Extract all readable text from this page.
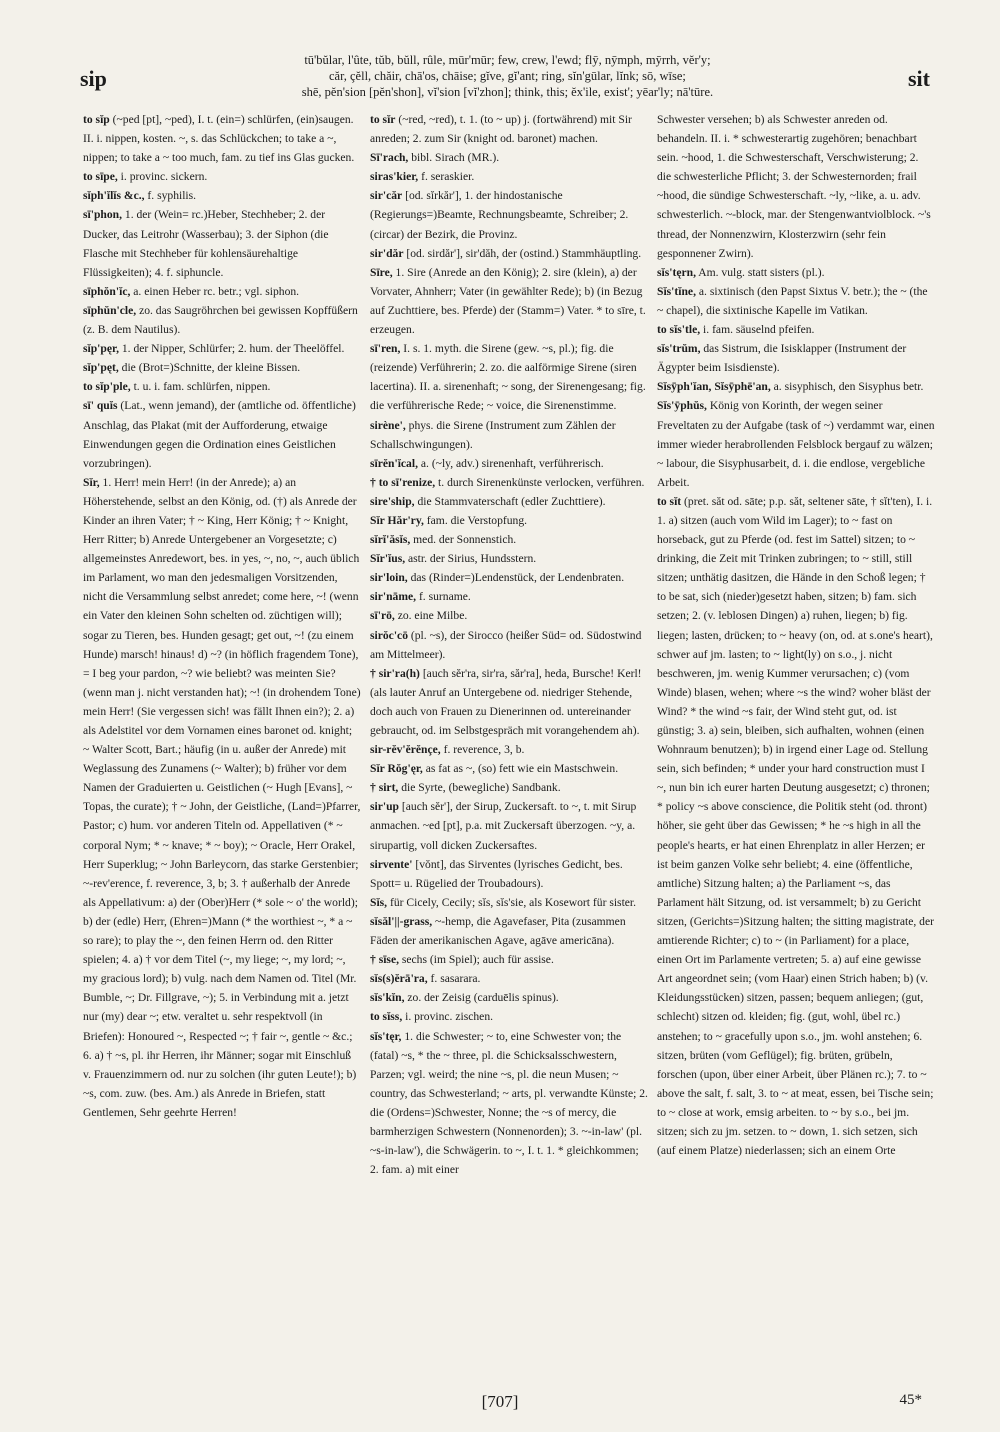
sip
tū'bŭlar, l'ûte, tŭb, bŭll, rûle, mūr'mūr; few, crew, l'ewd; flȳ, nȳmph, mȳrrh, vĕr'y;
căr, çĕll, chăir, chā'os, chāise; gĭve, gĭ'ant; ring, sĭn'gūlar, lĭnk; sō, wīse;
shē, pĕn'sion [pĕn'shon], vĭ'sion [vĭ'zhon]; think, this; ĕx'ile, exist'; yēar'ly; nā'tūre.
sit

to sĭp (~ped [pt], ~ped), I. t. (ein=) schlürfen, (ein)saugen. II. i. nippen, kosten. ~, s. das Schlückchen; to take a ~, nippen; to take a ~ too much, fam. zu tief ins Glas gucken.

to sīpe, i. provinc. sickern.

sĭph'ĭlĭs &c., f. syphilis.

sī'phon, 1. der (Wein= rc.)Heber, Stechheber; 2. der Ducker, das Leitrohr (Wasserbau); 3. der Siphon (die Flasche mit Stechheber für kohlensäurehaltige Flüssigkeiten); 4. f. siphuncle.

sīphŏn'ĭc, a. einen Heber rc. betr.; vgl. siphon.

sīphŭn'cle, zo. das Saugröhrchen bei gewissen Kopffüßern (z. B. dem Nautilus).

sĭp'pęr, 1. der Nipper, Schlürfer; 2. hum. der Theelöffel.

sĭp'pęt, die (Brot=)Schnitte, der kleine Bissen.

to sĭp'ple, t. u. i. fam. schlürfen, nippen.

sī' quĭs (Lat., wenn jemand), der (amtliche od. öffentliche) Anschlag, das Plakat (mit der Aufforderung, etwaige Einwendungen gegen die Ordination eines Geistlichen vorzubringen).

Sĭr, 1. Herr! mein Herr! (in der Anrede); a) an Höherstehende, selbst an den König, od. (†) als Anrede der Kinder an ihren Vater; † ~ King, Herr König; † ~ Knight, Herr Ritter; b) Anrede Untergebener an Vorgesetzte; c) allgemeinstes Anredewort, bes. in yes, ~, no, ~, auch üblich im Parlament, wo man den jedesmaligen Vorsitzenden, nicht die Versammlung selbst anredet; come here, ~! (wenn ein Vater den kleinen Sohn schelten od. züchtigen will); sogar zu Tieren, bes. Hunden gesagt; get out, ~! (zu einem Hunde) marsch! hinaus! d) ~? (in höflich fragendem Tone), = I beg your pardon, ~? wie beliebt? was meinten Sie? (wenn man j. nicht verstanden hat); ~! (in drohendem Tone) mein Herr! (Sie vergessen sich! was fällt Ihnen ein?); 2. a) als Adelstitel vor dem Vornamen eines baronet od. knight; ~ Walter Scott, Bart.; häufig (in u. außer der Anrede) mit Weglassung des Zunamens (~ Walter); b) früher vor dem Namen der Graduierten u. Geistlichen (~ Hugh [Evans], ~ Topas, the curate); † ~ John, der Geistliche, (Land=)Pfarrer, Pastor; c) hum. vor anderen Titeln od. Appellativen (* ~ corporal Nym; * ~ knave; * ~ boy); ~ Oracle, Herr Orakel, Herr Superklug; ~ John Barleycorn, das starke Gerstenbier; ~-rev'erence, f. reverence, 3, b; 3. † außerhalb der Anrede als Appellativum: a) der (Ober)Herr (* sole ~ o' the world); b) der (edle) Herr, (Ehren=)Mann (* the worthiest ~, * a ~ so rare); to play the ~, den feinen Herrn od. den Ritter spielen; 4. a) † vor dem Titel (~, my liege; ~, my lord; ~, my gracious lord); b) vulg. nach dem Namen od. Titel (Mr. Bumble, ~; Dr. Fillgrave, ~); 5. in Verbindung mit a. jetzt nur (my) dear ~; etw. veraltet u. sehr respektvoll (in Briefen): Honoured ~, Respected ~; † fair ~, gentle ~ &c.; 6. a) † ~s, pl. ihr Herren, ihr Männer; sogar mit Einschluß v. Frauenzimmern od. nur zu solchen (ihr guten Leute!); b) ~s, com. zuw. (bes. Am.) als Anrede in Briefen, statt Gentlemen, Sehr geehrte Herren!

to sĭr (~red, ~red), t. 1. (to ~ up) j. (fortwährend) mit Sir anreden; 2. zum Sir (knight od. baronet) machen.

Sī'rach, bibl. Sirach (MR.).

siras'kier, f. seraskier.

sir'căr [od. sĭrkăr'], 1. der hindostanische (Regierungs=)Beamte, Rechnungsbeamte, Schreiber; 2. (circar) der Bezirk, die Provinz.

sir'dăr [od. sirdăr'], sir'dăh, der (ostind.) Stammhäuptling.

Sīre, 1. Sire (Anrede an den König); 2. sire (klein), a) der Vorvater, Ahnherr; Vater (in gewählter Rede); b) (in Bezug auf Zuchttiere, bes. Pferde) der (Stamm=) Vater. * to sīre, t. erzeugen.

sī'ren, I. s. 1. myth. die Sirene (gew. ~s, pl.); fig. die (reizende) Verführerin; 2. zo. die aalförmige Sirene (siren lacertina). II. a. sirenenhaft; ~ song, der Sirenengesang; fig. die verführerische Rede; ~ voice, die Sirenenstimme.

sirène', phys. die Sirene (Instrument zum Zählen der Schallschwingungen).

sīrĕn'ĭcal, a. (~ly, adv.) sirenenhaft, verführerisch.

† to sī'renize, t. durch Sirenenkünste verlocken, verführen.

sire'ship, die Stammvaterschaft (edler Zuchttiere).

Sĭr Hăr'ry, fam. die Verstopfung.

sĭrĭ'ăsĭs, med. der Sonnenstich.

Sĭr'ĭus, astr. der Sirius, Hundsstern.

sir'loin, das (Rinder=)Lendenstück, der Lendenbraten.

sir'nāme, f. surname.

sī'rō, zo. eine Milbe.

sirŏc'cō (pl. ~s), der Sirocco (heißer Süd= od. Südostwind am Mittelmeer).

† sir'ra(h) [auch sĕr'ra, sir'ra, săr'ra], heda, Bursche! Kerl! (als lauter Anruf an Untergebene od. niedriger Stehende, doch auch von Frauen zu Dienerinnen od. untereinander gebraucht, od. im Selbstgespräch mit vorangehendem ah).

sir-rĕv'ĕrĕnçe, f. reverence, 3, b.

Sĭr Rŏg'ęr, as fat as ~, (so) fett wie ein Mastschwein.

† sirt, die Syrte, (bewegliche) Sandbank.

sir'up [auch sĕr'], der Sirup, Zuckersaft. to ~, t. mit Sirup anmachen. ~ed [pt], p.a. mit Zuckersaft überzogen. ~y, a. sirupartig, voll dicken Zuckersaftes.

sirvente' [vŏnt], das Sirventes (lyrisches Gedicht, bes. Spott= u. Rügelied der Troubadours).

Sĭs, für Cicely, Cecily; sĭs, sĭs'sie, als Kosewort für sister.

sĭsăl'||-grass, ~-hemp, die Agavefaser, Pita (zusammen Fäden der amerikanischen Agave, agāve americāna).

† sīse, sechs (im Spiel); auch für assise.

sĭs(s)ĕrā'ra, f. sasarara.

sĭs'kĭn, zo. der Zeisig (carduēlis spinus).

to sĭss, i. provinc. zischen.

sĭs'tęr, 1. die Schwester; ~ to, eine Schwester von; the (fatal) ~s, * the ~ three, pl. die Schicksalsschwestern, Parzen; vgl. weird; the nine ~s, pl. die neun Musen; ~ country, das Schwesterland; ~ arts, pl. verwandte Künste; 2. die (Ordens=)Schwester, Nonne; the ~s of mercy, die barmherzigen Schwestern (Nonnenorden); 3. ~-in-law' (pl. ~s-in-law'), die Schwägerin. to ~, I. t. 1. * gleichkommen; 2. fam. a) mit einer

Schwester versehen; b) als Schwester anreden od. behandeln. II. i. * schwesterartig zugehören; benachbart sein. ~hood, 1. die Schwesterschaft, Verschwisterung; 2. die schwesterliche Pflicht; 3. der Schwesternorden; frail ~hood, die sündige Schwesterschaft. ~ly, ~like, a. u. adv. schwesterlich. ~-block, mar. der Stengenwantviolblock. ~'s thread, der Nonnenzwirn, Klosterzwirn (sehr fein gesponnener Zwirn).

sĭs'tęrn, Am. vulg. statt sisters (pl.).

Sĭs'tĭne, a. sixtinisch (den Papst Sixtus V. betr.); the ~ (the ~ chapel), die sixtinische Kapelle im Vatikan.

to sĭs'tle, i. fam. säuselnd pfeifen.

sĭs'trŭm, das Sistrum, die Isisklapper (Instrument der Ägypter beim Isisdienste).

Sĭsȳph'ĭan, Sĭsȳphē'an, a. sisyphisch, den Sisyphus betr.

Sĭs'ȳphŭs, König von Korinth, der wegen seiner Freveltaten zu der Aufgabe (task of ~) verdammt war, einen immer wieder herabrollenden Felsblock bergauf zu wälzen; ~ labour, die Sisyphusarbeit, d. i. die endlose, vergebliche Arbeit.

to sĭt (pret. săt od. sāte; p.p. săt, seltener sāte, † sĭt'ten), I. i. 1. a) sitzen (auch vom Wild im Lager); to ~ fast on horseback, gut zu Pferde (od. fest im Sattel) sitzen; to ~ drinking, die Zeit mit Trinken zubringen; to ~ still, still sitzen; unthätig dasitzen, die Hände in den Schoß legen; † to be sat, sich (nieder)gesetzt haben, sitzen; b) fam. sich setzen; 2. (v. leblosen Dingen) a) ruhen, liegen; b) fig. liegen; lasten, drücken; to ~ heavy (on, od. at s.one's heart), schwer auf jm. lasten; to ~ light(ly) on s.o., j. nicht beschweren, jm. wenig Kummer verursachen; c) (vom Winde) blasen, wehen; where ~s the wind? woher bläst der Wind? * the wind ~s fair, der Wind steht gut, od. ist günstig; 3. a) sein, bleiben, sich aufhalten, wohnen (einen Wohnraum benutzen); b) in irgend einer Lage od. Stellung sein, sich befinden; * under your hard construction must I ~, nun bin ich eurer harten Deutung ausgesetzt; c) thronen; * policy ~s above conscience, die Politik steht (od. thront) höher, sie geht über das Gewissen; * he ~s high in all the people's hearts, er hat einen Ehrenplatz in aller Herzen; er ist beim ganzen Volke sehr beliebt; 4. eine (öffentliche, amtliche) Sitzung halten; a) the Parliament ~s, das Parlament hält Sitzung, od. ist versammelt; b) zu Gericht sitzen, (Gerichts=)Sitzung halten; the sitting magistrate, der amtierende Richter; c) to ~ (in Parliament) for a place, einen Ort im Parlamente vertreten; 5. a) auf eine gewisse Art angeordnet sein; (vom Haar) einen Strich haben; b) (v. Kleidungsstücken) sitzen, passen; bequem anliegen; (gut, schlecht) sitzen od. kleiden; fig. (gut, wohl, übel rc.) anstehen; to ~ gracefully upon s.o., jm. wohl anstehen; 6. sitzen, brüten (vom Geflügel); fig. brüten, grübeln, forschen (upon, über einer Arbeit, über Plänen rc.); 7. to ~ above the salt, f. salt, 3. to ~ at meat, essen, bei Tische sein; to ~ close at work, emsig arbeiten. to ~ by s.o., bei jm. sitzen; sich zu jm. setzen. to ~ down, 1. sich setzen, sich (auf einem Platze) niederlassen; sich an einem Orte

[707]	45*
